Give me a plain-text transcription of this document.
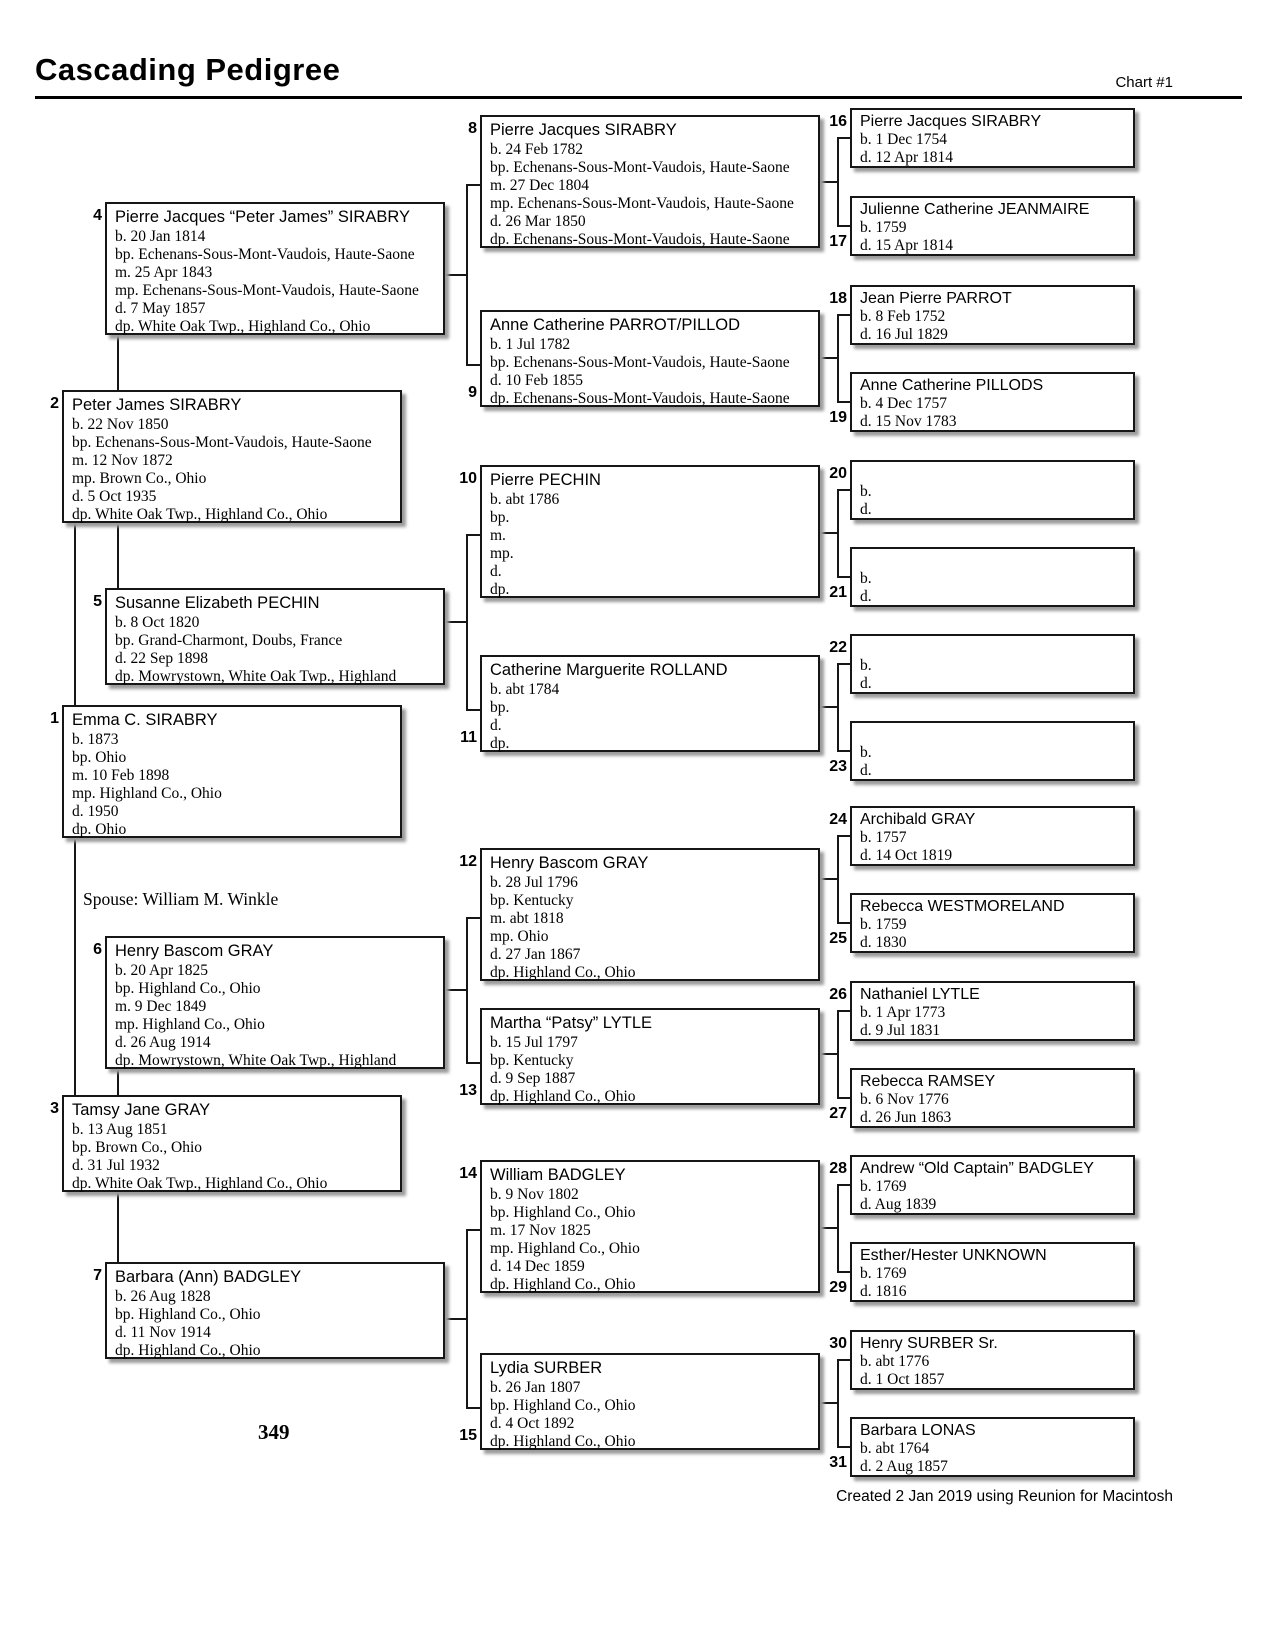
Cascading Pedigree	Chart #1
1 Emma C. SIRABRY
b. 1873
bp. Ohio
m. 10 Feb 1898
mp. Highland Co., Ohio
d. 1950
dp. Ohio
2 Peter James SIRABRY
b. 22 Nov 1850
bp. Echenans-Sous-Mont-Vaudois, Haute-Saone
m. 12 Nov 1872
mp. Brown Co., Ohio
d. 5 Oct 1935
dp. White Oak Twp., Highland Co., Ohio
3 Tamsy Jane GRAY
b. 13 Aug 1851
bp. Brown Co., Ohio
d. 31 Jul 1932
dp. White Oak Twp., Highland Co., Ohio
4 Pierre Jacques “Peter James” SIRABRY
b. 20 Jan 1814
bp. Echenans-Sous-Mont-Vaudois, Haute-Saone
m. 25 Apr 1843
mp. Echenans-Sous-Mont-Vaudois, Haute-Saone
d. 7 May 1857
dp. White Oak Twp., Highland Co., Ohio
5 Susanne Elizabeth PECHIN
b. 8 Oct 1820
bp. Grand-Charmont, Doubs, France
d. 22 Sep 1898
dp. Mowrystown, White Oak Twp., Highland
6 Henry Bascom GRAY
b. 20 Apr 1825
bp. Highland Co., Ohio
m. 9 Dec 1849
mp. Highland Co., Ohio
d. 26 Aug 1914
dp. Mowrystown, White Oak Twp., Highland
7 Barbara (Ann) BADGLEY
b. 26 Aug 1828
bp. Highland Co., Ohio
d. 11 Nov 1914
dp. Highland Co., Ohio
8 Pierre Jacques SIRABRY
b. 24 Feb 1782
bp. Echenans-Sous-Mont-Vaudois, Haute-Saone
m. 27 Dec 1804
mp. Echenans-Sous-Mont-Vaudois, Haute-Saone
d. 26 Mar 1850
dp. Echenans-Sous-Mont-Vaudois, Haute-Saone
9
Anne Catherine PARROT/PILLOD
b. 1 Jul 1782
bp. Echenans-Sous-Mont-Vaudois, Haute-Saone
d. 10 Feb 1855
dp. Echenans-Sous-Mont-Vaudois, Haute-Saone
10 Pierre PECHIN
b. abt 1786
bp.
m.
mp.
d.
dp.
11
Catherine Marguerite ROLLAND
b. abt 1784
bp.
d.
dp.
12 Henry Bascom GRAY
b. 28 Jul 1796
bp. Kentucky
m. abt 1818
mp. Ohio
d. 27 Jan 1867
dp. Highland Co., Ohio
13
Martha “Patsy” LYTLE
b. 15 Jul 1797
bp. Kentucky
d. 9 Sep 1887
dp. Highland Co., Ohio
14 William BADGLEY
b. 9 Nov 1802
bp. Highland Co., Ohio
m. 17 Nov 1825
mp. Highland Co., Ohio
d. 14 Dec 1859
dp. Highland Co., Ohio
15
Lydia SURBER
b. 26 Jan 1807
bp. Highland Co., Ohio
d. 4 Oct 1892
dp. Highland Co., Ohio
16 Pierre Jacques SIRABRY
b. 1 Dec 1754
d. 12 Apr 1814
17
Julienne Catherine JEANMAIRE
b. 1759
d. 15 Apr 1814
18 Jean Pierre PARROT
b. 8 Feb 1752
d. 16 Jul 1829
19
Anne Catherine PILLODS
b. 4 Dec 1757
d. 15 Nov 1783
20
b.
d.
21
b.
d.
22
b.
d.
23
b.
d.
24 Archibald GRAY
b. 1757
d. 14 Oct 1819
25
Rebecca WESTMORELAND
b. 1759
d. 1830
26 Nathaniel LYTLE
b. 1 Apr 1773
d. 9 Jul 1831
27
Rebecca RAMSEY
b. 6 Nov 1776
d. 26 Jun 1863
28 Andrew “Old Captain” BADGLEY
b. 1769
d. Aug 1839
29
Esther/Hester UNKNOWN
b. 1769
d. 1816
30 Henry SURBER Sr.
b. abt 1776
d. 1 Oct 1857
31
Barbara LONAS
b. abt 1764
d. 2 Aug 1857
Spouse: William M. Winkle
349
Created 2 Jan 2019 using Reunion for Macintosh
